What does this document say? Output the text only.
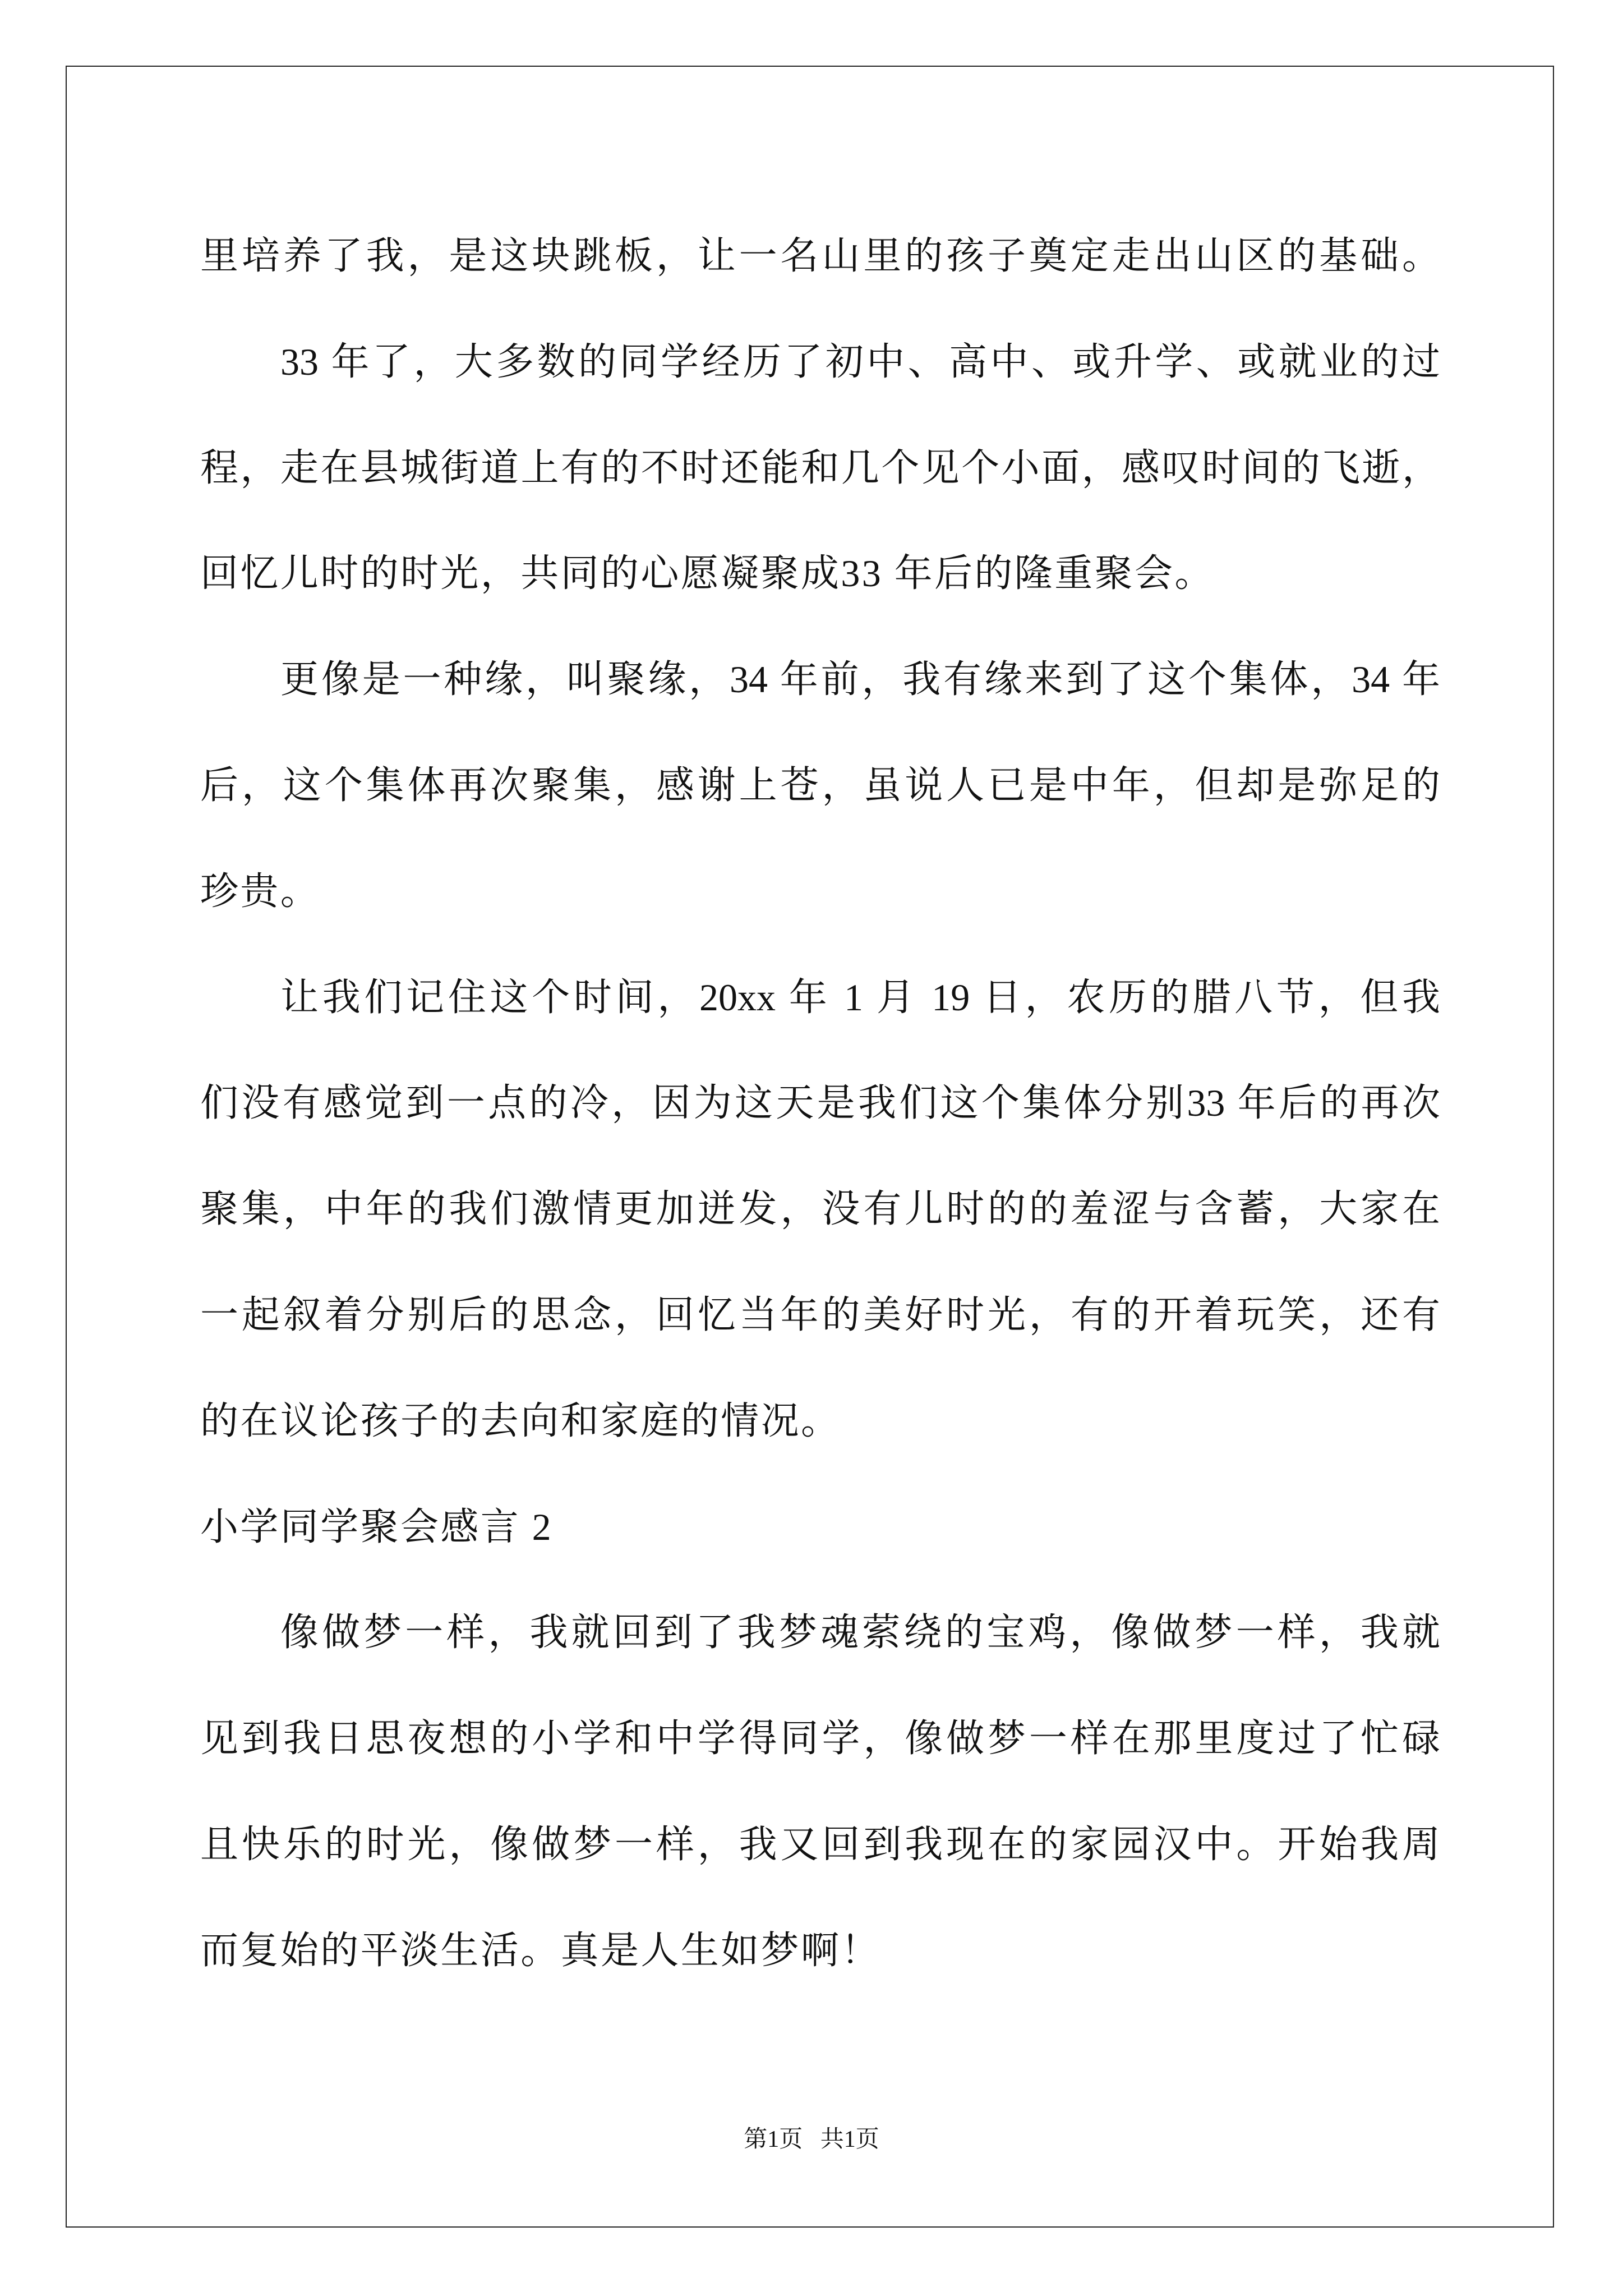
里培养了我，是这块跳板，让一名山里的孩子奠定走出山区的基础。
33 年了，大多数的同学经历了初中、高中、或升学、或就业的过
程，走在县城街道上有的不时还能和几个见个小面，感叹时间的飞逝，
回忆儿时的时光，共同的心愿凝聚成33 年后的隆重聚会。
更像是一种缘，叫聚缘，34 年前，我有缘来到了这个集体，34 年
后，这个集体再次聚集，感谢上苍，虽说人已是中年，但却是弥足的
珍贵。
让我们记住这个时间，20xx 年 1 月 19 日，农历的腊八节，但我
们没有感觉到一点的冷，因为这天是我们这个集体分别33 年后的再次
聚集，中年的我们激情更加迸发，没有儿时的的羞涩与含蓄，大家在
一起叙着分别后的思念，回忆当年的美好时光，有的开着玩笑，还有
的在议论孩子的去向和家庭的情况。
小学同学聚会感言 2
像做梦一样，我就回到了我梦魂萦绕的宝鸡，像做梦一样，我就
见到我日思夜想的小学和中学得同学，像做梦一样在那里度过了忙碌
且快乐的时光，像做梦一样，我又回到我现在的家园汉中。开始我周
而复始的平淡生活。真是人生如梦啊！
第1页   共1页
